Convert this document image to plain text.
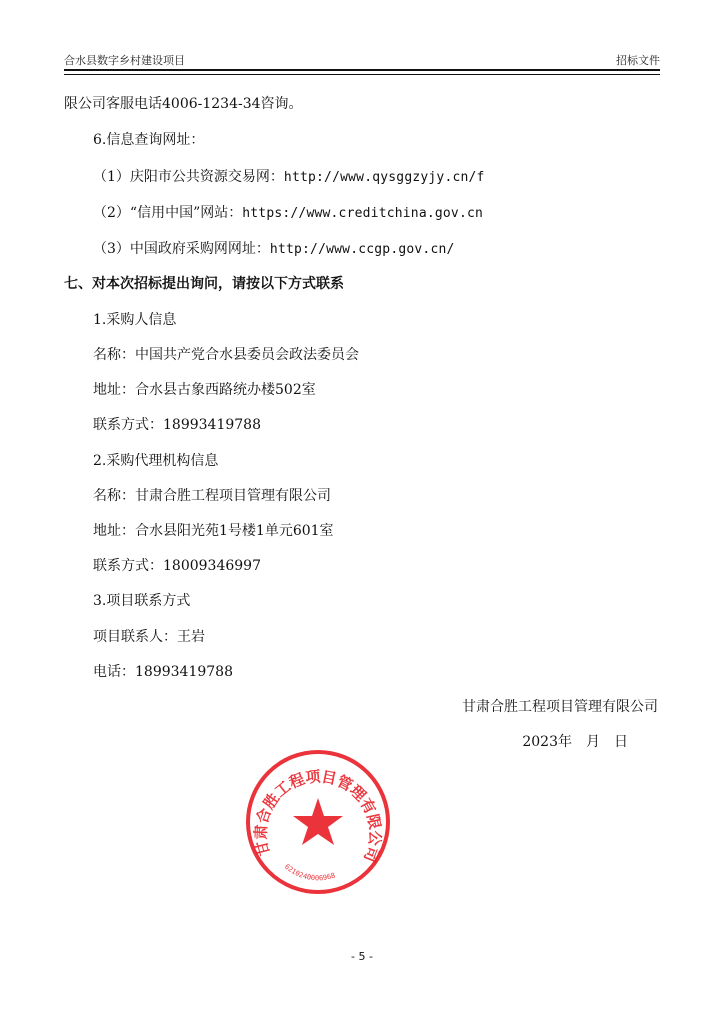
合水县数字乡村建设项目	招标文件
限公司客服电话4006-1234-34咨询。
6.信息查询网址：
（1）庆阳市公共资源交易网：http://www.qysggzyjy.cn/f
（2）“信用中国”网站：https://www.creditchina.gov.cn
（3）中国政府采购网网址：http://www.ccgp.gov.cn/
七、对本次招标提出询问，请按以下方式联系
1.采购人信息
名称：中国共产党合水县委员会政法委员会
地址：合水县古象西路统办楼502室
联系方式：18993419788
2.采购代理机构信息
名称：甘肃合胜工程项目管理有限公司
地址：合水县阳光苑1号楼1单元601室
联系方式：18009346997
3.项目联系方式
项目联系人：王岩
电话：18993419788
甘肃合胜工程项目管理有限公司
2023年　月　日
甘肃合胜工程项目管理有限公司
6210240006968
- 5 -
